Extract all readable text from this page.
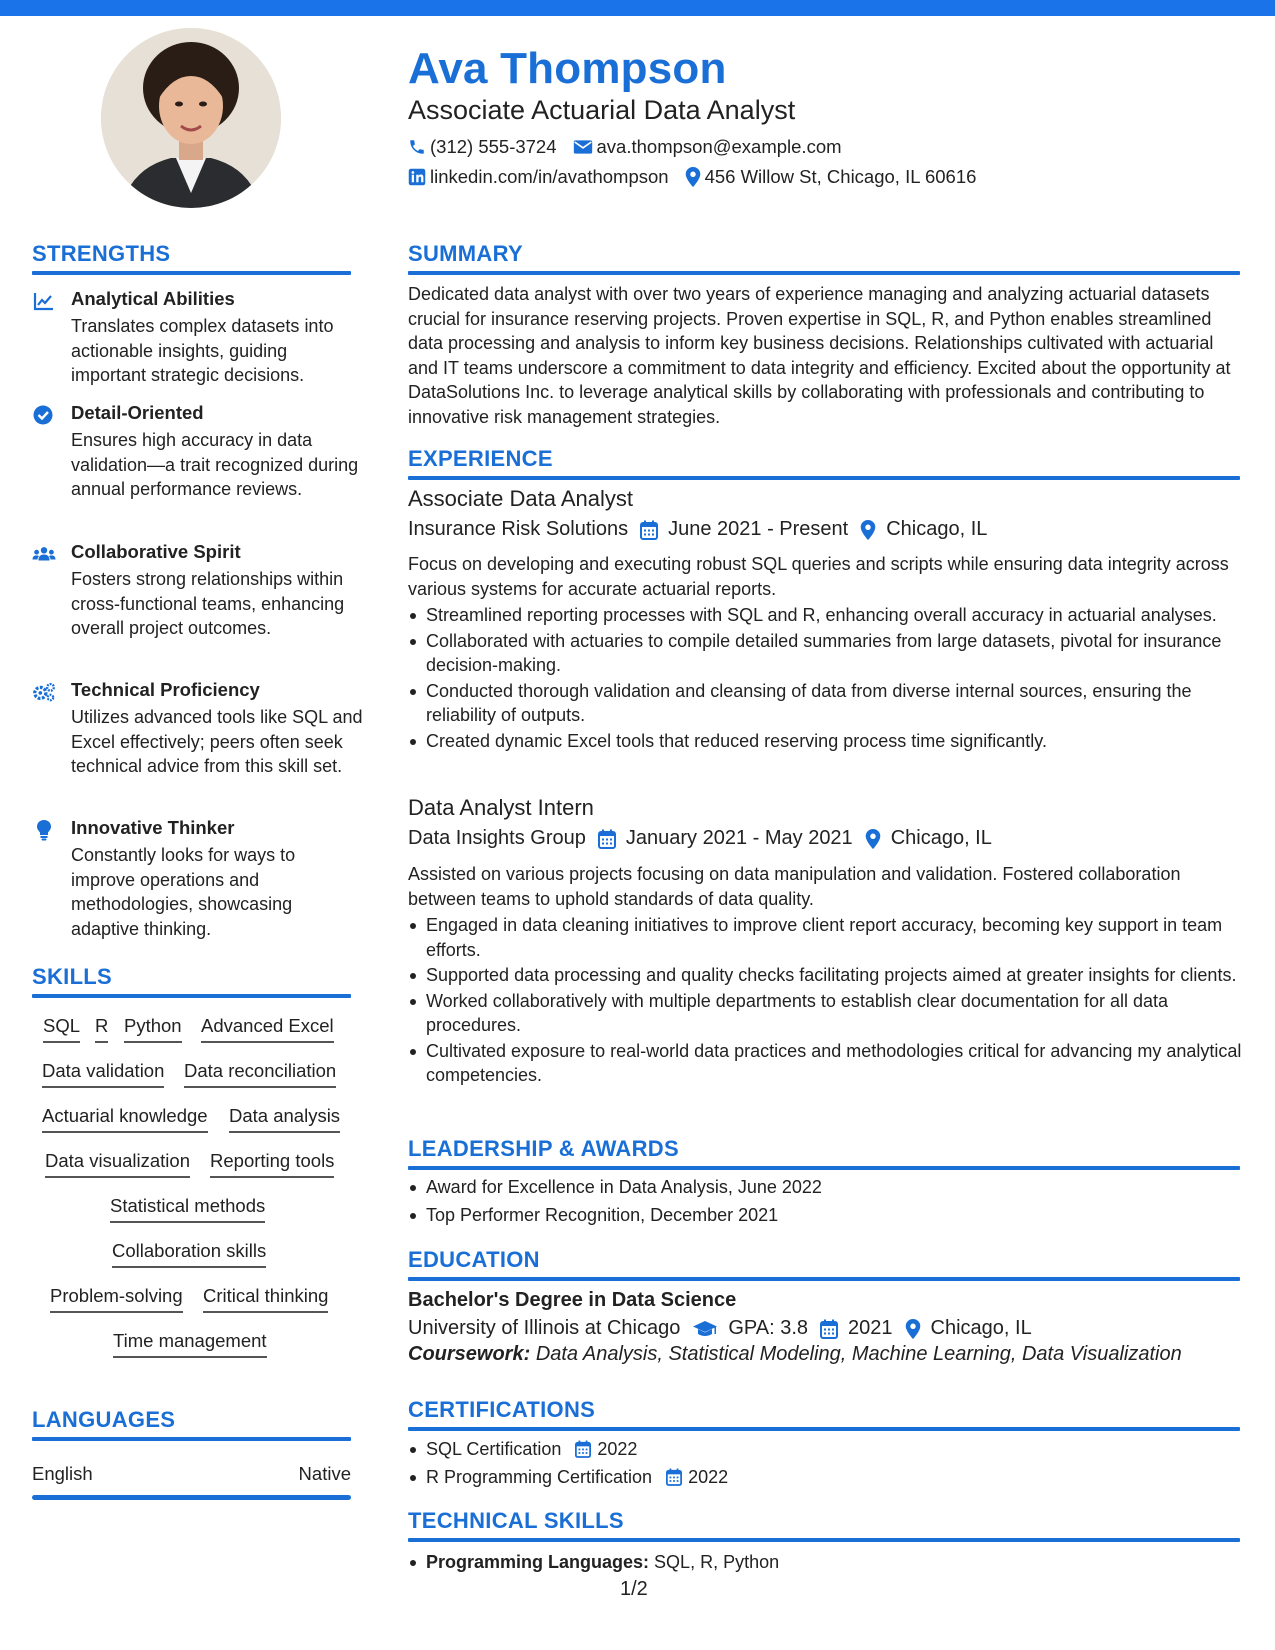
Ava Thompson
Associate Actuarial Data Analyst
(312) 555-3724 ava.thompson@example.com
linkedin.com/in/avathompson 456 Willow St, Chicago, IL 60616
STRENGTHS
Analytical Abilities
Translates complex datasets into actionable insights, guiding important strategic decisions.
Detail-Oriented
Ensures high accuracy in data validation—a trait recognized during annual performance reviews.
Collaborative Spirit
Fosters strong relationships within cross-functional teams, enhancing overall project outcomes.
Technical Proficiency
Utilizes advanced tools like SQL and Excel effectively; peers often seek technical advice from this skill set.
Innovative Thinker
Constantly looks for ways to improve operations and methodologies, showcasing adaptive thinking.
SKILLS
SQL R Python Advanced Excel
Data validation Data reconciliation
Actuarial knowledge Data analysis
Data visualization Reporting tools
Statistical methods
Collaboration skills
Problem-solving Critical thinking
Time management
LANGUAGES
English	Native
SUMMARY
Dedicated data analyst with over two years of experience managing and analyzing actuarial datasets crucial for insurance reserving projects. Proven expertise in SQL, R, and Python enables streamlined data processing and analysis to inform key business decisions. Relationships cultivated with actuarial and IT teams underscore a commitment to data integrity and efficiency. Excited about the opportunity at DataSolutions Inc. to leverage analytical skills by collaborating with professionals and contributing to innovative risk management strategies.
EXPERIENCE
Associate Data Analyst
Insurance Risk Solutions June 2021 - Present Chicago, IL
Focus on developing and executing robust SQL queries and scripts while ensuring data integrity across various systems for accurate actuarial reports.
Streamlined reporting processes with SQL and R, enhancing overall accuracy in actuarial analyses.
Collaborated with actuaries to compile detailed summaries from large datasets, pivotal for insurance decision-making.
Conducted thorough validation and cleansing of data from diverse internal sources, ensuring the reliability of outputs.
Created dynamic Excel tools that reduced reserving process time significantly.
Data Analyst Intern
Data Insights Group January 2021 - May 2021 Chicago, IL
Assisted on various projects focusing on data manipulation and validation. Fostered collaboration between teams to uphold standards of data quality.
Engaged in data cleaning initiatives to improve client report accuracy, becoming key support in team efforts.
Supported data processing and quality checks facilitating projects aimed at greater insights for clients.
Worked collaboratively with multiple departments to establish clear documentation for all data procedures.
Cultivated exposure to real-world data practices and methodologies critical for advancing my analytical competencies.
LEADERSHIP & AWARDS
Award for Excellence in Data Analysis, June 2022
Top Performer Recognition, December 2021
EDUCATION
Bachelor's Degree in Data Science
University of Illinois at Chicago GPA: 3.8 2021 Chicago, IL
Coursework: Data Analysis, Statistical Modeling, Machine Learning, Data Visualization
CERTIFICATIONS
SQL Certification 2022
R Programming Certification 2022
TECHNICAL SKILLS
Programming Languages: SQL, R, Python
1/2
